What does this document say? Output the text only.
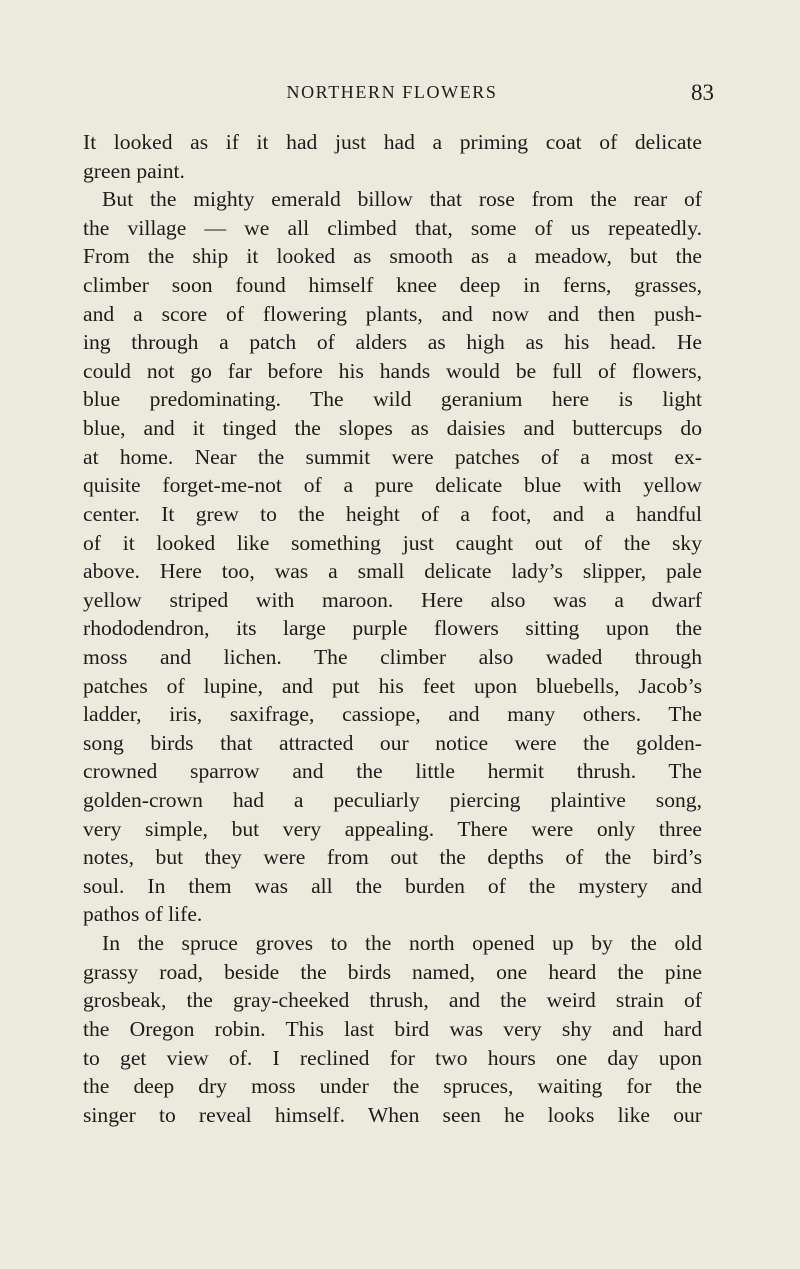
NORTHERN FLOWERS	83
It looked as if it had just had a priming coat of delicate
green paint.
But the mighty emerald billow that rose from the rear of
the village — we all climbed that, some of us repeatedly.
From the ship it looked as smooth as a meadow, but the
climber soon found himself knee deep in ferns, grasses,
and a score of flowering plants, and now and then push-
ing through a patch of alders as high as his head. He
could not go far before his hands would be full of flowers,
blue predominating. The wild geranium here is light
blue, and it tinged the slopes as daisies and buttercups do
at home. Near the summit were patches of a most ex-
quisite forget-me-not of a pure delicate blue with yellow
center. It grew to the height of a foot, and a handful
of it looked like something just caught out of the sky
above. Here too, was a small delicate lady’s slipper, pale
yellow striped with maroon. Here also was a dwarf
rhododendron, its large purple flowers sitting upon the
moss and lichen. The climber also waded through
patches of lupine, and put his feet upon bluebells, Jacob’s
ladder, iris, saxifrage, cassiope, and many others. The
song birds that attracted our notice were the golden-
crowned sparrow and the little hermit thrush. The
golden-crown had a peculiarly piercing plaintive song,
very simple, but very appealing. There were only three
notes, but they were from out the depths of the bird’s
soul. In them was all the burden of the mystery and
pathos of life.
In the spruce groves to the north opened up by the old
grassy road, beside the birds named, one heard the pine
grosbeak, the gray-cheeked thrush, and the weird strain of
the Oregon robin. This last bird was very shy and hard
to get view of. I reclined for two hours one day upon
the deep dry moss under the spruces, waiting for the
singer to reveal himself. When seen he looks like our
